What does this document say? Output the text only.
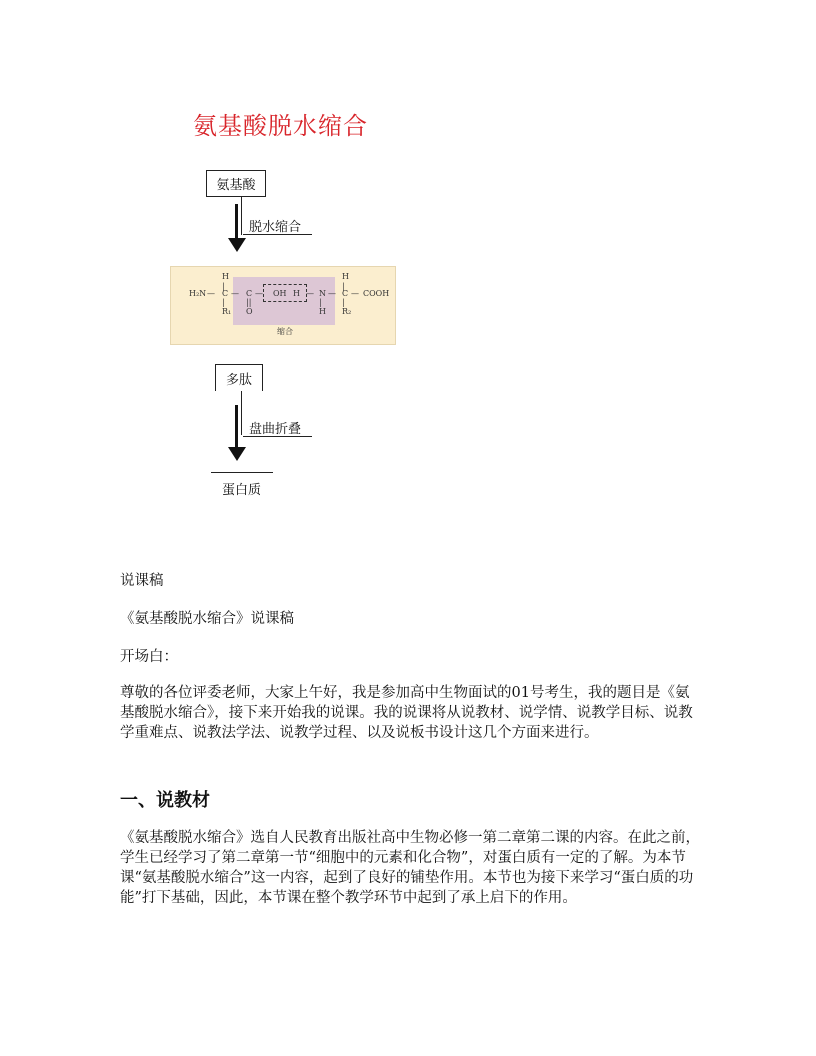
氨基酸脱水缩合
氨基酸
脱水缩合
H	H
|	|
H₂N — C — C — OH H — N — C — COOH
|	||	|	|
R₁ O	H R₂
缩合
多肽
盘曲折叠
蛋白质
说课稿
《氨基酸脱水缩合》说课稿
开场白：
尊敬的各位评委老师，大家上午好，我是参加高中生物面试的01号考生，我的题目是《氨基酸脱水缩合》，接下来开始我的说课。我的说课将从说教材、说学情、说教学目标、说教学重难点、说教法学法、说教学过程、以及说板书设计这几个方面来进行。
一、说教材
《氨基酸脱水缩合》选自人民教育出版社高中生物必修一第二章第二课的内容。在此之前，学生已经学习了第二章第一节“细胞中的元素和化合物”，对蛋白质有一定的了解。为本节课“氨基酸脱水缩合”这一内容，起到了良好的铺垫作用。本节也为接下来学习“蛋白质的功能”打下基础，因此，本节课在整个教学环节中起到了承上启下的作用。
